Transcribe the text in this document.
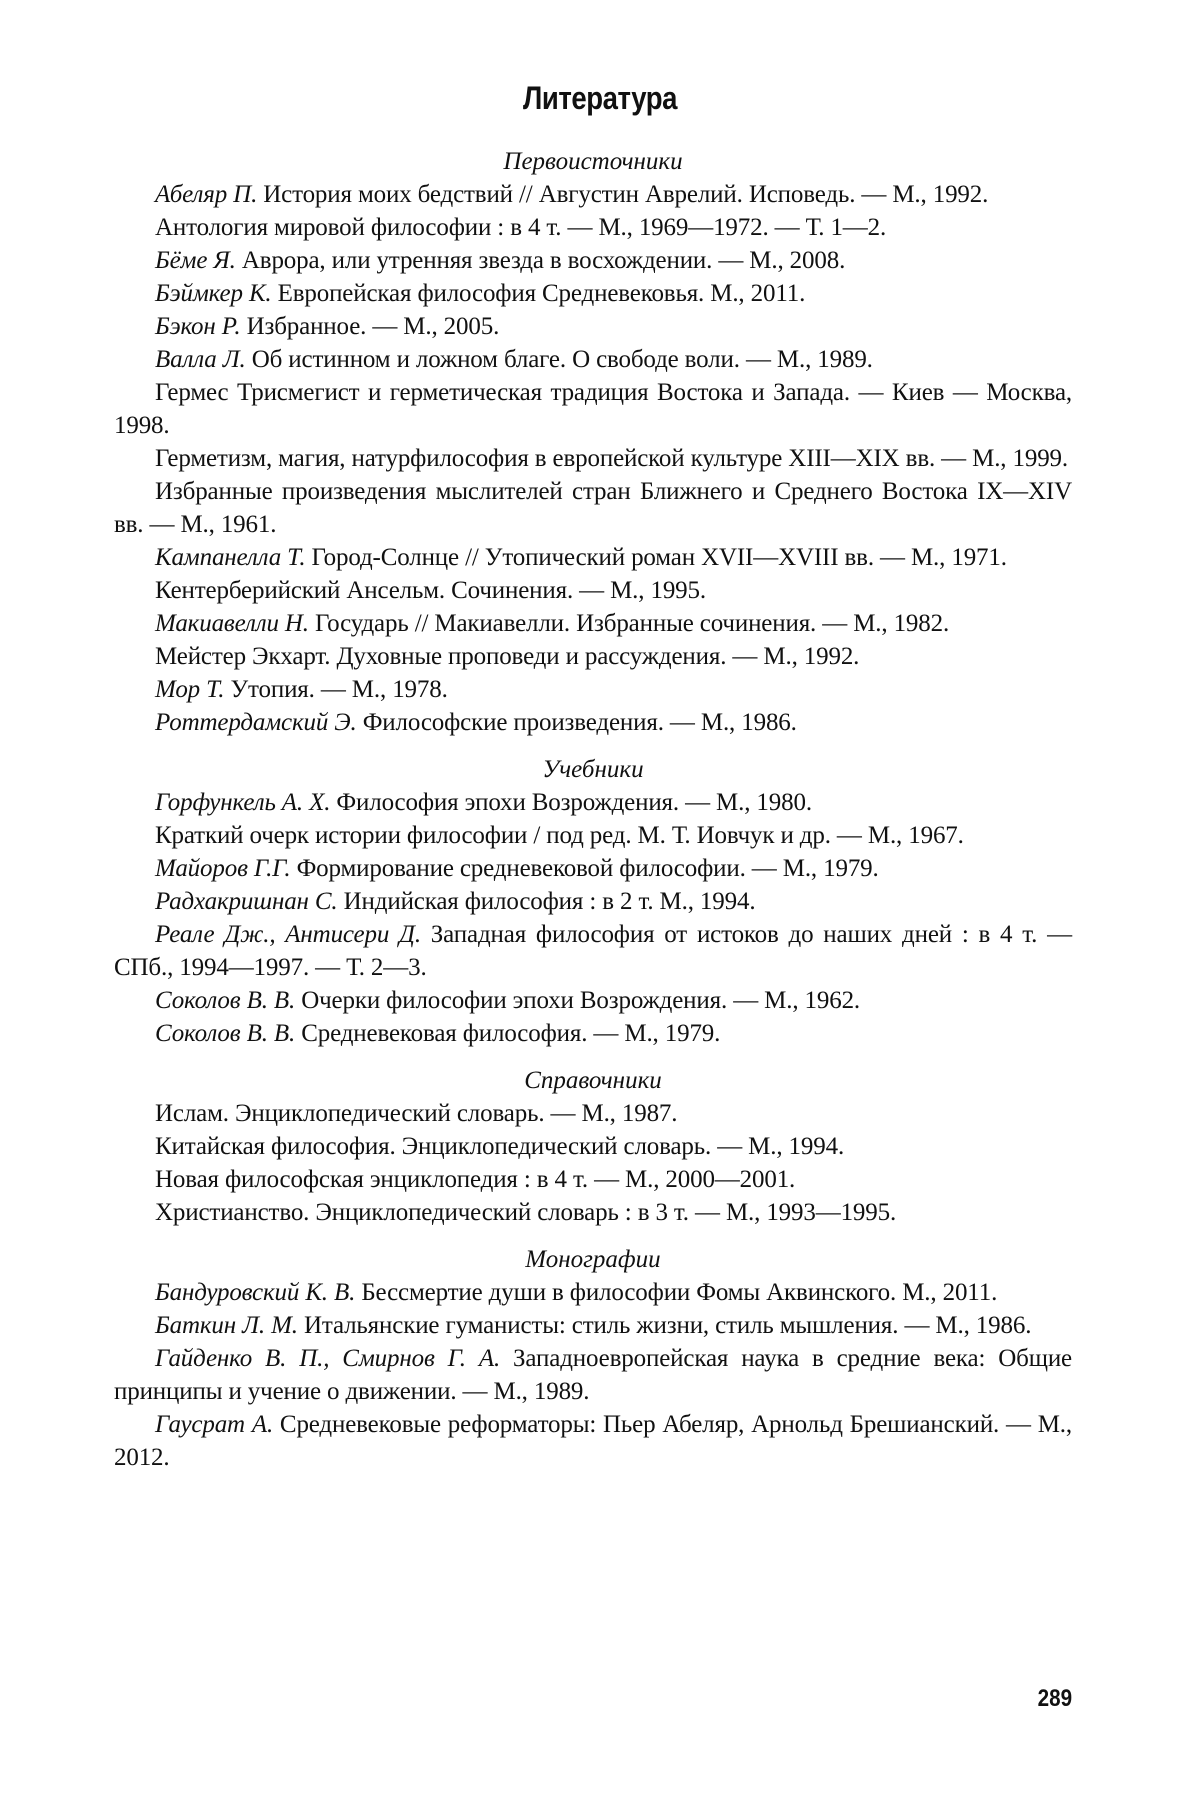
Литература

Первоисточники

Абеляр П. История моих бедствий // Августин Аврелий. Исповедь. — М., 1992.

Антология мировой философии : в 4 т. — М., 1969—1972. — Т. 1—2.

Бёме Я. Аврора, или утренняя звезда в восхождении. — М., 2008.

Бэймкер К. Европейская философия Средневековья. М., 2011.

Бэкон Р. Избранное. — М., 2005.

Валла Л. Об истинном и ложном благе. О свободе воли. — М., 1989.

Гермес Трисмегист и герметическая традиция Востока и Запада. — Киев — Москва, 1998.

Герметизм, магия, натурфилософия в европейской культуре XIII—XIX вв. — М., 1999.

Избранные произведения мыслителей стран Ближнего и Среднего Востока IX—XIV вв. — М., 1961.

Кампанелла Т. Город-Солнце // Утопический роман XVII—XVIII вв. — М., 1971.

Кентерберийский Ансельм. Сочинения. — М., 1995.

Макиавелли Н. Государь // Макиавелли. Избранные сочинения. — М., 1982.

Мейстер Экхарт. Духовные проповеди и рассуждения. — М., 1992.

Мор Т. Утопия. — М., 1978.

Роттердамский Э. Философские произведения. — М., 1986.

Учебники

Горфункель А. Х. Философия эпохи Возрождения. — М., 1980.

Краткий очерк истории философии / под ред. М. Т. Иовчук и др. — М., 1967.

Майоров Г.Г. Формирование средневековой философии. — М., 1979.

Радхакришнан С. Индийская философия : в 2 т. М., 1994.

Реале Дж., Антисери Д. Западная философия от истоков до наших дней : в 4 т. — СПб., 1994—1997. — Т. 2—3.

Соколов В. В. Очерки философии эпохи Возрождения. — М., 1962.

Соколов В. В. Средневековая философия. — М., 1979.

Справочники

Ислам. Энциклопедический словарь. — М., 1987.

Китайская философия. Энциклопедический словарь. — М., 1994.

Новая философская энциклопедия : в 4 т. — М., 2000—2001.

Христианство. Энциклопедический словарь : в 3 т. — М., 1993—1995.

Монографии

Бандуровский К. В. Бессмертие души в философии Фомы Аквинского. М., 2011.

Баткин Л. М. Итальянские гуманисты: стиль жизни, стиль мышления. — М., 1986.

Гайденко В. П., Смирнов Г. А. Западноевропейская наука в средние века: Общие принципы и учение о движении. — М., 1989.

Гаусрат А. Средневековые реформаторы: Пьер Абеляр, Арнольд Брешианский. — М., 2012.

289
